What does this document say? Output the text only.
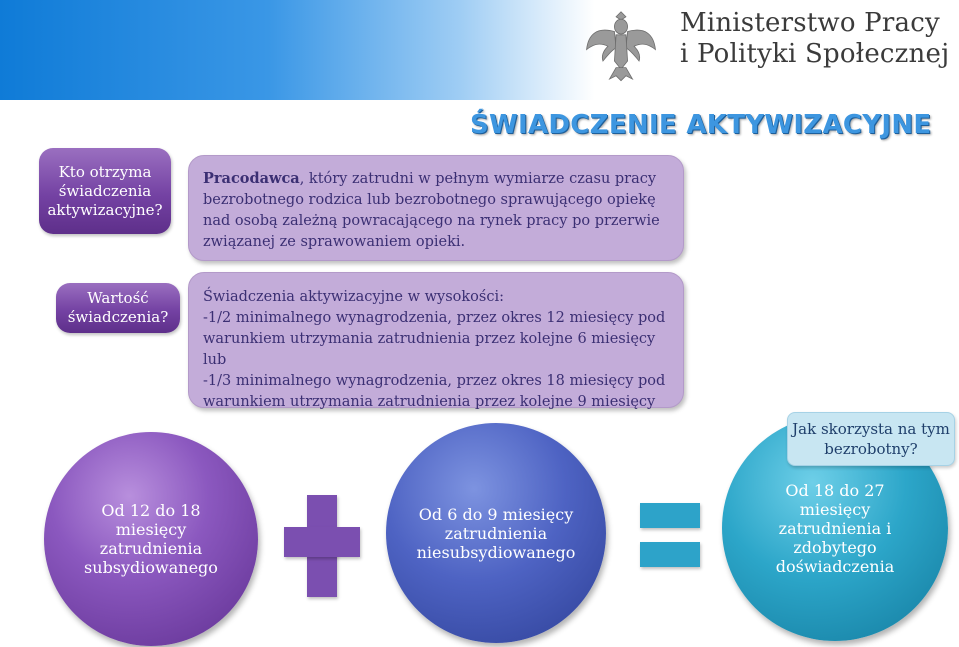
Ministerstwo Pracy
i Polityki Społecznej
ŚWIADCZENIE AKTYWIZACYJNE
Kto otrzyma świadczenia aktywizacyjne?
Pracodawca, który zatrudni w pełnym wymiarze czasu pracy bezrobotnego rodzica lub bezrobotnego sprawującego opiekę nad osobą zależną powracającego na rynek pracy po przerwie związanej ze sprawowaniem opieki.
Wartość świadczenia?
Świadczenia aktywizacyjne w wysokości:
-1/2 minimalnego wynagrodzenia, przez okres 12 miesięcy pod warunkiem utrzymania zatrudnienia przez kolejne 6 miesięcy lub
-1/3 minimalnego wynagrodzenia, przez okres 18 miesięcy pod warunkiem utrzymania zatrudnienia przez kolejne 9 miesięcy
Od 12 do 18 miesięcy zatrudnienia subsydiowanego
Od 6 do 9 miesięcy zatrudnienia niesubsydiowanego
Od 18 do 27 miesięcy zatrudnienia i zdobytego doświadczenia
Jak skorzysta na tym bezrobotny?
